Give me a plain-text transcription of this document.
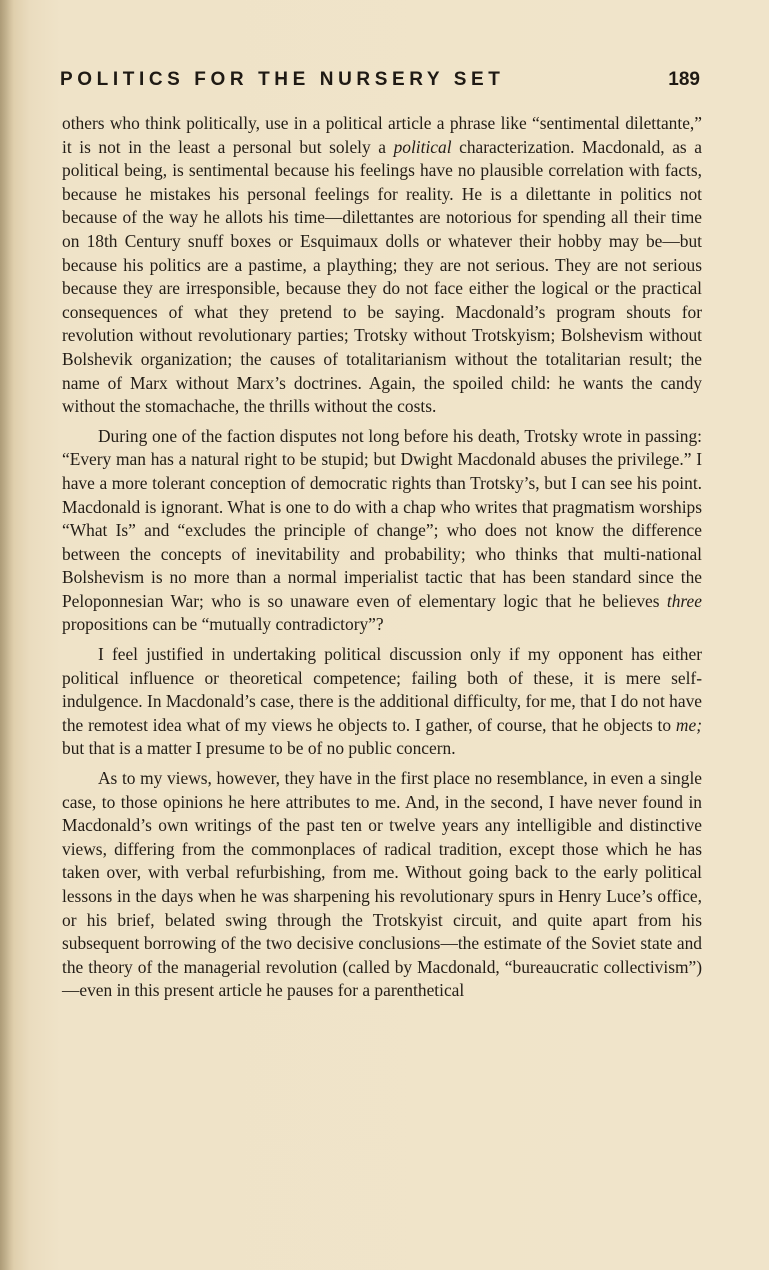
POLITICS FOR THE NURSERY SET	189

others who think politically, use in a political article a phrase like “sentimental dilettante,” it is not in the least a personal but solely a political characterization. Macdonald, as a political being, is sentimental because his feelings have no plausible correlation with facts, because he mistakes his personal feelings for reality. He is a dilettante in politics not because of the way he allots his time—dilettantes are notorious for spending all their time on 18th Century snuff boxes or Esquimaux dolls or whatever their hobby may be—but because his politics are a pastime, a plaything; they are not serious. They are not serious because they are irresponsible, because they do not face either the logical or the practical consequences of what they pretend to be saying. Macdonald’s program shouts for revolution without revolutionary parties; Trotsky without Trotskyism; Bolshevism without Bolshevik organization; the causes of totalitarianism without the totalitarian result; the name of Marx without Marx’s doctrines. Again, the spoiled child: he wants the candy without the stomachache, the thrills without the costs.

During one of the faction disputes not long before his death, Trotsky wrote in passing: “Every man has a natural right to be stupid; but Dwight Macdonald abuses the privilege.” I have a more tolerant conception of democratic rights than Trotsky’s, but I can see his point. Macdonald is ignorant. What is one to do with a chap who writes that pragmatism worships “What Is” and “excludes the principle of change”; who does not know the difference between the concepts of inevitability and probability; who thinks that multi-national Bolshevism is no more than a normal imperialist tactic that has been standard since the Peloponnesian War; who is so unaware even of elementary logic that he believes three propositions can be “mutually contradictory”?

I feel justified in undertaking political discussion only if my opponent has either political influence or theoretical competence; failing both of these, it is mere self-indulgence. In Macdonald’s case, there is the additional difficulty, for me, that I do not have the remotest idea what of my views he objects to. I gather, of course, that he objects to me; but that is a matter I presume to be of no public concern.

As to my views, however, they have in the first place no resemblance, in even a single case, to those opinions he here attributes to me. And, in the second, I have never found in Macdonald’s own writings of the past ten or twelve years any intelligible and distinctive views, differing from the commonplaces of radical tradition, except those which he has taken over, with verbal refurbishing, from me. Without going back to the early political lessons in the days when he was sharpening his revolutionary spurs in Henry Luce’s office, or his brief, belated swing through the Trotskyist circuit, and quite apart from his subsequent borrowing of the two decisive conclusions—the estimate of the Soviet state and the theory of the managerial revolution (called by Macdonald, “bureaucratic collectivism”)—even in this present article he pauses for a parenthetical
